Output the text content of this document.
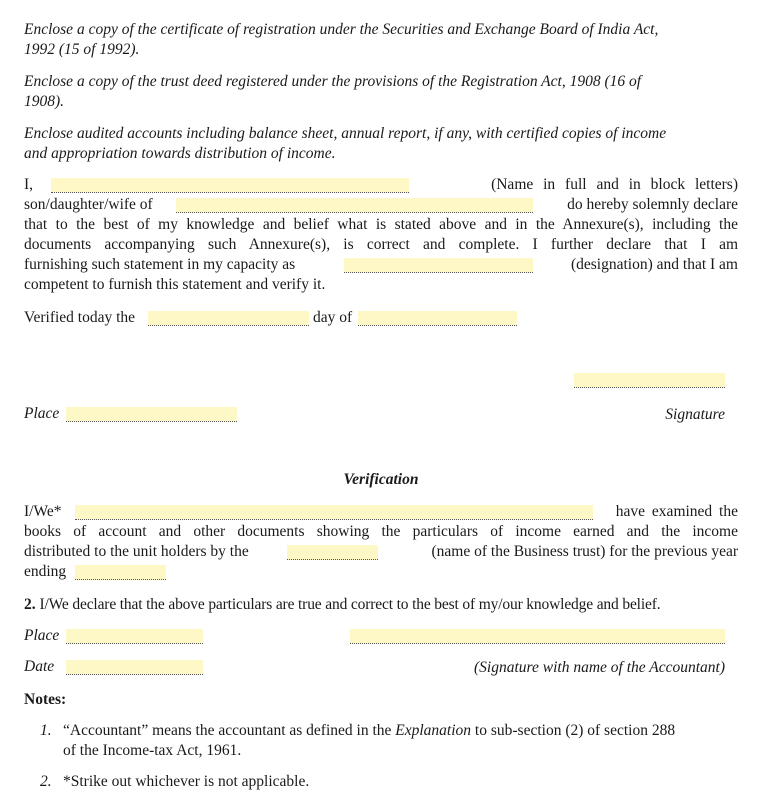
Enclose a copy of the certificate of registration under the Securities and Exchange Board of India Act,
1992 (15 of 1992).
Enclose a copy of the trust deed registered under the provisions of the Registration Act, 1908 (16 of
1908).
Enclose audited accounts including balance sheet, annual report, if any, with certified copies of income
and appropriation towards distribution of income.
I,	(Name in full and in block letters)
son/daughter/wife of	do hereby solemnly declare
that to the best of my knowledge and belief what is stated above and in the Annexure(s), including the
documents accompanying such Annexure(s), is correct and complete. I further declare that I am
furnishing such statement in my capacity as	(designation) and that I am
competent to furnish this statement and verify it.
Verified today the	day of
Place	Signature
Verification
I/We*	have examined the
books of account and other documents showing the particulars of income earned and the income
distributed to the unit holders by the	(name of the Business trust) for the previous year
ending
2. I/We declare that the above particulars are true and correct to the best of my/our knowledge and belief.
Place
Date	(Signature with name of the Accountant)
Notes:
1. “Accountant” means the accountant as defined in the Explanation to sub-section (2) of section 288
of the Income-tax Act, 1961.
2. *Strike out whichever is not applicable.
